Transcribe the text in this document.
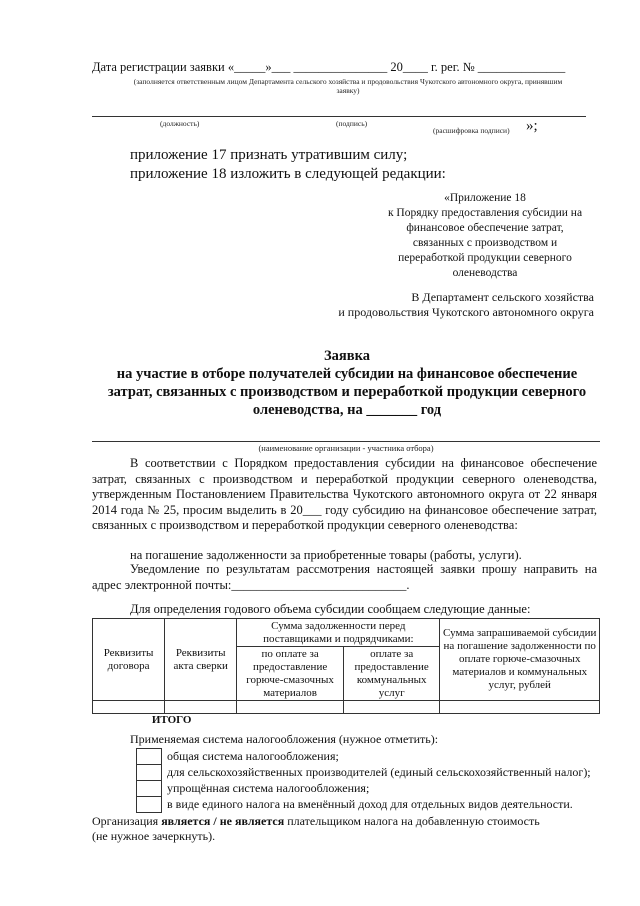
Дата регистрации заявки «_____»___ _______________ 20____ г. рег. № ______________
(заполняется ответственным лицом Департамента сельского хозяйства и продовольствия Чукотского автономного округа, принявшим
заявку)
(должность)	(подпись)
(расшифровка подписи) »;
приложение 17 признать утратившим силу;
приложение 18 изложить в следующей редакции:
«Приложение 18
к Порядку предоставления субсидии на
финансовое обеспечение затрат,
связанных с производством и
переработкой продукции северного
оленеводства
В Департамент сельского хозяйства
и продовольствия Чукотского автономного округа
Заявка
на участие в отборе получателей субсидии на финансовое обеспечение
затрат, связанных с производством и переработкой продукции северного
оленеводства, на _______ год
(наименование организации - участника отбора)
В соответствии с Порядком предоставления субсидии на финансовое обеспечение затрат, связанных с производством и переработкой продукции северного оленеводства, утвержденным Постановлением Правительства Чукотского автономного округа от 22 января 2014 года № 25, просим выделить в 20___ году субсидию на финансовое обеспечение затрат, связанных с производством и переработкой продукции северного оленеводства:
на погашение задолженности за приобретенные товары (работы, услуги).
Уведомление по результатам рассмотрения настоящей заявки прошу направить на адрес электронной почты:____________________________.
Для определения годового объема субсидии сообщаем следующие данные:
Реквизиты договора	Реквизиты акта сверки	Сумма задолженности перед поставщиками и подрядчиками:		Сумма запрашиваемой субсидии на погашение задолженности по оплате горюче-смазочных материалов и коммунальных услуг, рублей
		по оплате за предоставление горюче-смазочных материалов	оплате за предоставление коммунальных услуг	

ИТОГО				
Применяемая система налогообложения (нужное отметить):
общая система налогообложения;
для сельскохозяйственных производителей (единый сельскохозяйственный налог);
упрощённая система налогообложения;
в виде единого налога на вменённый доход для отдельных видов деятельности.
Организация является / не является плательщиком налога на добавленную стоимость
(не нужное зачеркнуть).
